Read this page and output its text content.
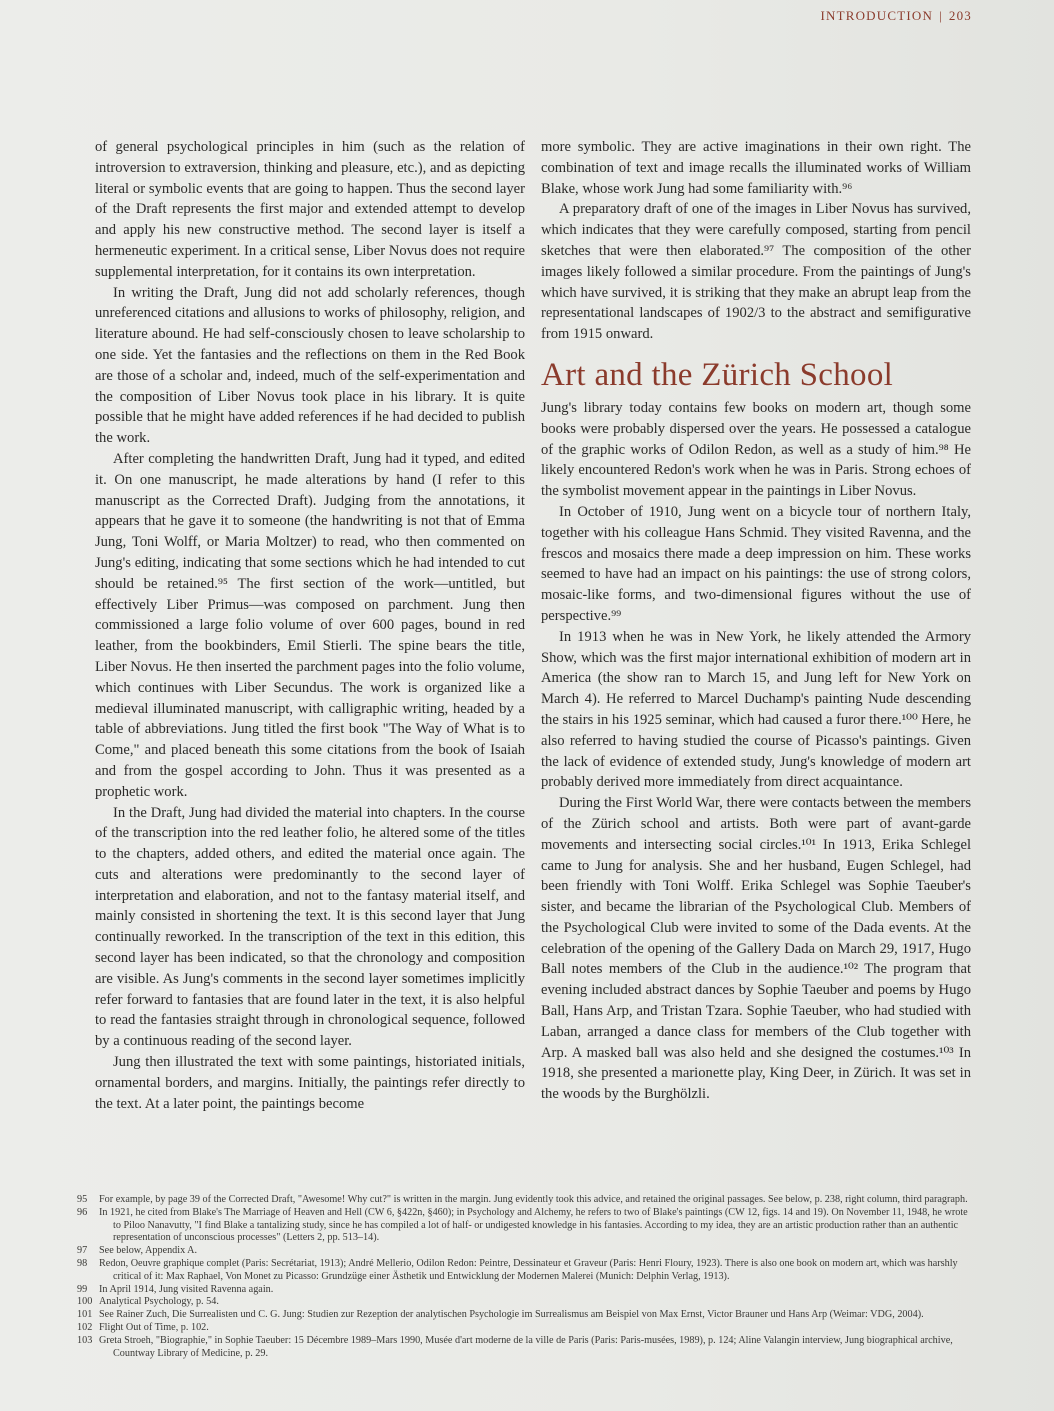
INTRODUCTION | 203

of general psychological principles in him (such as the relation of introversion to extraversion, thinking and pleasure, etc.), and as depicting literal or symbolic events that are going to happen. Thus the second layer of the Draft represents the first major and extended attempt to develop and apply his new constructive method. The second layer is itself a hermeneutic experiment. In a critical sense, Liber Novus does not require supplemental interpretation, for it contains its own interpretation.

In writing the Draft, Jung did not add scholarly references, though unreferenced citations and allusions to works of philosophy, religion, and literature abound. He had self-consciously chosen to leave scholarship to one side. Yet the fantasies and the reflections on them in the Red Book are those of a scholar and, indeed, much of the self-experimentation and the composition of Liber Novus took place in his library. It is quite possible that he might have added references if he had decided to publish the work.

After completing the handwritten Draft, Jung had it typed, and edited it. On one manuscript, he made alterations by hand (I refer to this manuscript as the Corrected Draft). Judging from the annotations, it appears that he gave it to someone (the handwriting is not that of Emma Jung, Toni Wolff, or Maria Moltzer) to read, who then commented on Jung's editing, indicating that some sections which he had intended to cut should be retained.⁹⁵ The first section of the work—untitled, but effectively Liber Primus—was composed on parchment. Jung then commissioned a large folio volume of over 600 pages, bound in red leather, from the bookbinders, Emil Stierli. The spine bears the title, Liber Novus. He then inserted the parchment pages into the folio volume, which continues with Liber Secundus. The work is organized like a medieval illuminated manuscript, with calligraphic writing, headed by a table of abbreviations. Jung titled the first book "The Way of What is to Come," and placed beneath this some citations from the book of Isaiah and from the gospel according to John. Thus it was presented as a prophetic work.

In the Draft, Jung had divided the material into chapters. In the course of the transcription into the red leather folio, he altered some of the titles to the chapters, added others, and edited the material once again. The cuts and alterations were predominantly to the second layer of interpretation and elaboration, and not to the fantasy material itself, and mainly consisted in shortening the text. It is this second layer that Jung continually reworked. In the transcription of the text in this edition, this second layer has been indicated, so that the chronology and composition are visible. As Jung's comments in the second layer sometimes implicitly refer forward to fantasies that are found later in the text, it is also helpful to read the fantasies straight through in chronological sequence, followed by a continuous reading of the second layer.

Jung then illustrated the text with some paintings, historiated initials, ornamental borders, and margins. Initially, the paintings refer directly to the text. At a later point, the paintings become

more symbolic. They are active imaginations in their own right. The combination of text and image recalls the illuminated works of William Blake, whose work Jung had some familiarity with.⁹⁶

A preparatory draft of one of the images in Liber Novus has survived, which indicates that they were carefully composed, starting from pencil sketches that were then elaborated.⁹⁷ The composition of the other images likely followed a similar procedure. From the paintings of Jung's which have survived, it is striking that they make an abrupt leap from the representational landscapes of 1902/3 to the abstract and semifigurative from 1915 onward.

Art and the Zürich School

Jung's library today contains few books on modern art, though some books were probably dispersed over the years. He possessed a catalogue of the graphic works of Odilon Redon, as well as a study of him.⁹⁸ He likely encountered Redon's work when he was in Paris. Strong echoes of the symbolist movement appear in the paintings in Liber Novus.

In October of 1910, Jung went on a bicycle tour of northern Italy, together with his colleague Hans Schmid. They visited Ravenna, and the frescos and mosaics there made a deep impression on him. These works seemed to have had an impact on his paintings: the use of strong colors, mosaic-like forms, and two-dimensional figures without the use of perspective.⁹⁹

In 1913 when he was in New York, he likely attended the Armory Show, which was the first major international exhibition of modern art in America (the show ran to March 15, and Jung left for New York on March 4). He referred to Marcel Duchamp's painting Nude descending the stairs in his 1925 seminar, which had caused a furor there.¹⁰⁰ Here, he also referred to having studied the course of Picasso's paintings. Given the lack of evidence of extended study, Jung's knowledge of modern art probably derived more immediately from direct acquaintance.

During the First World War, there were contacts between the members of the Zürich school and artists. Both were part of avant-garde movements and intersecting social circles.¹⁰¹ In 1913, Erika Schlegel came to Jung for analysis. She and her husband, Eugen Schlegel, had been friendly with Toni Wolff. Erika Schlegel was Sophie Taeuber's sister, and became the librarian of the Psychological Club. Members of the Psychological Club were invited to some of the Dada events. At the celebration of the opening of the Gallery Dada on March 29, 1917, Hugo Ball notes members of the Club in the audience.¹⁰² The program that evening included abstract dances by Sophie Taeuber and poems by Hugo Ball, Hans Arp, and Tristan Tzara. Sophie Taeuber, who had studied with Laban, arranged a dance class for members of the Club together with Arp. A masked ball was also held and she designed the costumes.¹⁰³ In 1918, she presented a marionette play, King Deer, in Zürich. It was set in the woods by the Burghölzli.

95 For example, by page 39 of the Corrected Draft, "Awesome! Why cut?" is written in the margin. Jung evidently took this advice, and retained the original passages. See below, p. 238, right column, third paragraph.

96 In 1921, he cited from Blake's The Marriage of Heaven and Hell (CW 6, §422n, §460); in Psychology and Alchemy, he refers to two of Blake's paintings (CW 12, figs. 14 and 19). On November 11, 1948, he wrote to Piloo Nanavutty, "I find Blake a tantalizing study, since he has compiled a lot of half- or undigested knowledge in his fantasies. According to my idea, they are an artistic production rather than an authentic representation of unconscious processes" (Letters 2, pp. 513–14).

97 See below, Appendix A.

98 Redon, Oeuvre graphique complet (Paris: Secrétariat, 1913); André Mellerio, Odilon Redon: Peintre, Dessinateur et Graveur (Paris: Henri Floury, 1923). There is also one book on modern art, which was harshly critical of it: Max Raphael, Von Monet zu Picasso: Grundzüge einer Ästhetik und Entwicklung der Modernen Malerei (Munich: Delphin Verlag, 1913).

99 In April 1914, Jung visited Ravenna again.

100 Analytical Psychology, p. 54.

101 See Rainer Zuch, Die Surrealisten und C. G. Jung: Studien zur Rezeption der analytischen Psychologie im Surrealismus am Beispiel von Max Ernst, Victor Brauner und Hans Arp (Weimar: VDG, 2004).

102 Flight Out of Time, p. 102.

103 Greta Stroeh, "Biographie," in Sophie Taeuber: 15 Décembre 1989–Mars 1990, Musée d'art moderne de la ville de Paris (Paris: Paris-musées, 1989), p. 124; Aline Valangin interview, Jung biographical archive, Countway Library of Medicine, p. 29.
